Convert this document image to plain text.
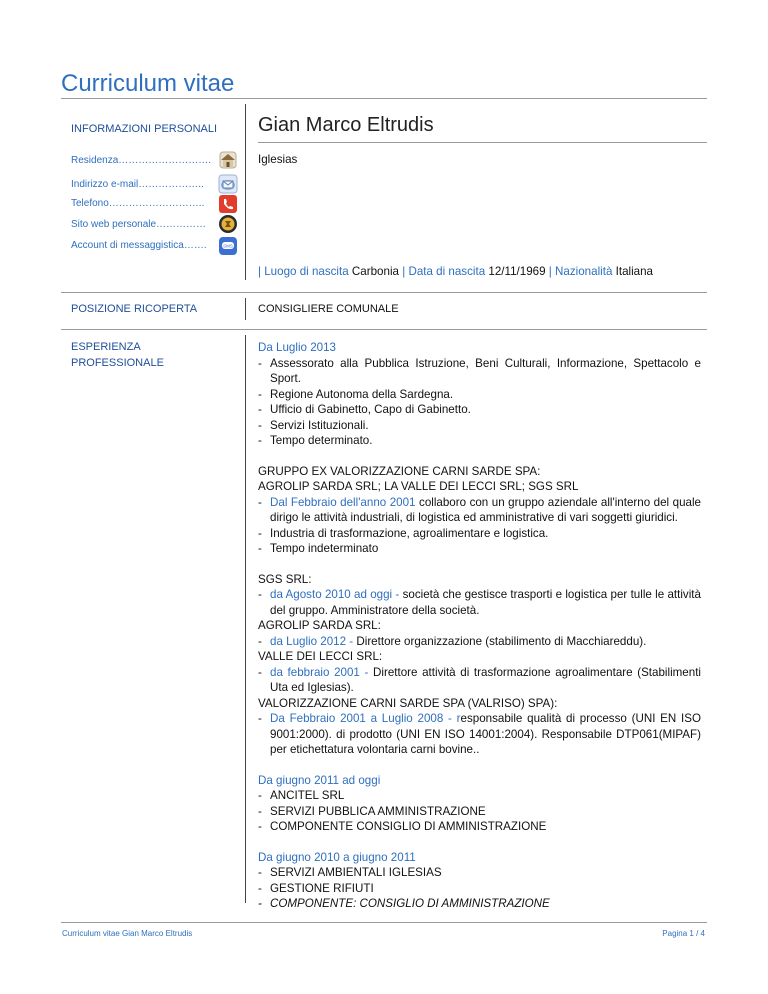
Curriculum vitae
INFORMAZIONI PERSONALI Gian Marco Eltrudis
Residenza……………………….	Iglesias
Indirizzo e-mail………………..
Telefono………………………..
Sito web personale……………
Account di messaggistica…….	SMS
| Luogo di nascita Carbonia | Data di nascita 12/11/1969 | Nazionalità Italiana
POSIZIONE RICOPERTA	CONSIGLIERE COMUNALE
ESPERIENZA
PROFESSIONALE
Da Luglio 2013
- Assessorato alla Pubblica Istruzione, Beni Culturali, Informazione, Spettacolo e Sport.
- Regione Autonoma della Sardegna.
- Ufficio di Gabinetto, Capo di Gabinetto.
- Servizi Istituzionali.
- Tempo determinato.
GRUPPO EX VALORIZZAZIONE CARNI SARDE SPA:
AGROLIP SARDA SRL; LA VALLE DEI LECCI SRL; SGS SRL
- Dal Febbraio dell'anno 2001 collaboro con un gruppo aziendale all'interno del quale dirigo le attività industriali, di logistica ed amministrative di vari soggetti giuridici.
- Industria di trasformazione, agroalimentare e logistica.
- Tempo indeterminato
SGS SRL:
- da Agosto 2010 ad oggi - società che gestisce trasporti e logistica per tulle le attività del gruppo. Amministratore della società.
AGROLIP SARDA SRL:
- da Luglio 2012 - Direttore organizzazione (stabilimento di Macchiareddu).
VALLE DEI LECCI SRL:
- da febbraio 2001 - Direttore attività di trasformazione agroalimentare (Stabilimenti Uta ed Iglesias).
VALORIZZAZIONE CARNI SARDE SPA (VALRISO) SPA):
- Da Febbraio 2001 a Luglio 2008 - responsabile qualità di processo (UNI EN ISO 9001:2000). di prodotto (UNI EN ISO 14001:2004). Responsabile DTP061(MIPAF) per etichettatura volontaria carni bovine..
Da giugno 2011 ad oggi
- ANCITEL SRL
- SERVIZI PUBBLICA AMMINISTRAZIONE
- COMPONENTE CONSIGLIO DI AMMINISTRAZIONE
Da giugno 2010 a giugno 2011
- SERVIZI AMBIENTALI IGLESIAS
- GESTIONE RIFIUTI
- COMPONENTE: CONSIGLIO DI AMMINISTRAZIONE
Curriculum vitae Gian Marco Eltrudis	Pagina 1 / 4
